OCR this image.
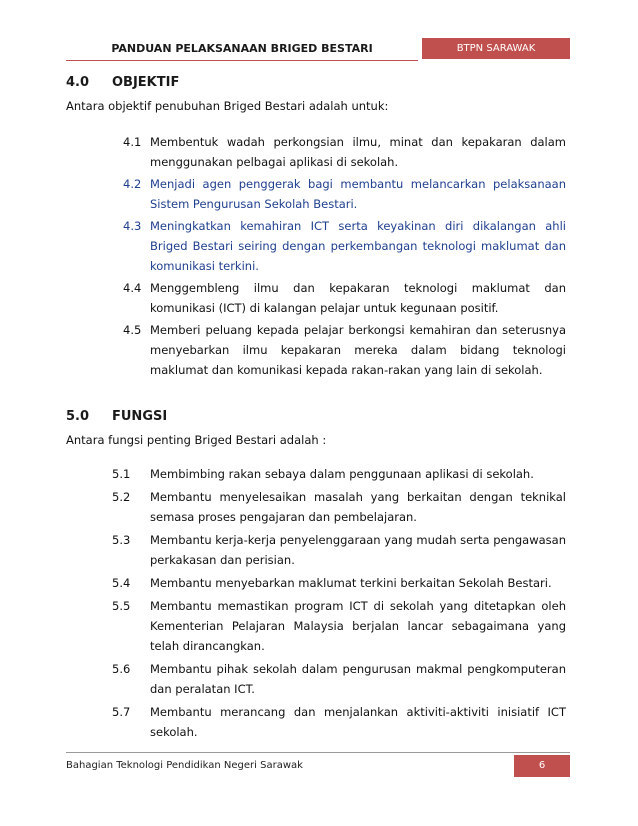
PANDUAN PELAKSANAAN BRIGED BESTARI	BTPN SARAWAK
4.0 OBJEKTIF
Antara objektif penubuhan Briged Bestari adalah untuk:
4.1 Membentuk wadah perkongsian ilmu, minat dan kepakaran dalam menggunakan pelbagai aplikasi di sekolah.
4.2 Menjadi agen penggerak bagi membantu melancarkan pelaksanaan Sistem Pengurusan Sekolah Bestari.
4.3 Meningkatkan kemahiran ICT serta keyakinan diri dikalangan ahli Briged Bestari seiring dengan perkembangan teknologi maklumat dan komunikasi terkini.
4.4 Menggembleng ilmu dan kepakaran teknologi maklumat dan komunikasi (ICT) di kalangan pelajar untuk kegunaan positif.
4.5 Memberi peluang kepada pelajar berkongsi kemahiran dan seterusnya menyebarkan ilmu kepakaran mereka dalam bidang teknologi maklumat dan komunikasi kepada rakan-rakan yang lain di sekolah.
5.0 FUNGSI
Antara fungsi penting Briged Bestari adalah :
5.1 Membimbing rakan sebaya dalam penggunaan aplikasi di sekolah.
5.2 Membantu menyelesaikan masalah yang berkaitan dengan teknikal semasa proses pengajaran dan pembelajaran.
5.3 Membantu kerja-kerja penyelenggaraan yang mudah serta pengawasan perkakasan dan perisian.
5.4 Membantu menyebarkan maklumat terkini berkaitan Sekolah Bestari.
5.5 Membantu memastikan program ICT di sekolah yang ditetapkan oleh Kementerian Pelajaran Malaysia berjalan lancar sebagaimana yang telah dirancangkan.
5.6 Membantu pihak sekolah dalam pengurusan makmal pengkomputeran dan peralatan ICT.
5.7 Membantu merancang dan menjalankan aktiviti-aktiviti inisiatif ICT sekolah.
Bahagian Teknologi Pendidikan Negeri Sarawak	6
